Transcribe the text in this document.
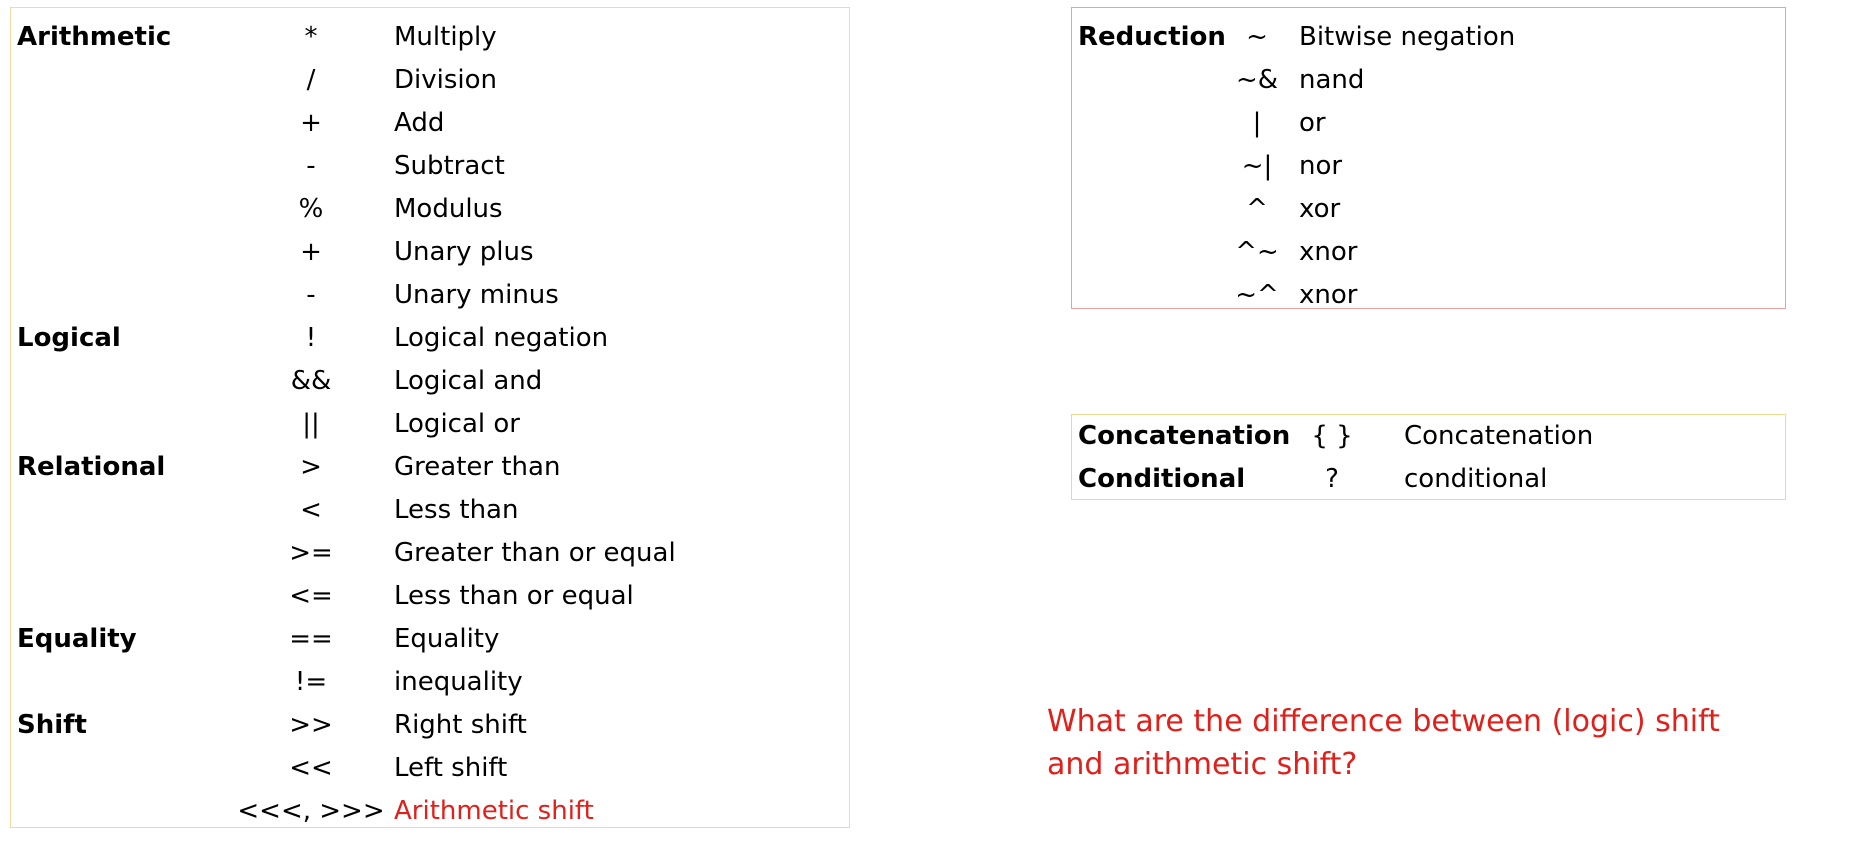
Arithmetic	*	Multiply
/	Division
+	Add
-	Subtract
%	Modulus
+	Unary plus
-	Unary minus
Logical	!	Logical negation
&&	Logical and
||	Logical or
Relational	>	Greater than
<	Less than
>=	Greater than or equal
<=	Less than or equal
Equality	==	Equality
!=	inequality
Shift	>>	Right shift
<<	Left shift
<<<, >>> Arithmetic shift
Reduction ~	Bitwise negation
~& nand
|	or
~|	nor
^	xor
^~ xnor
~^ xnor
Concatenation { }	Concatenation
Conditional	?	conditional
What are the difference between (logic) shift
and arithmetic shift?
